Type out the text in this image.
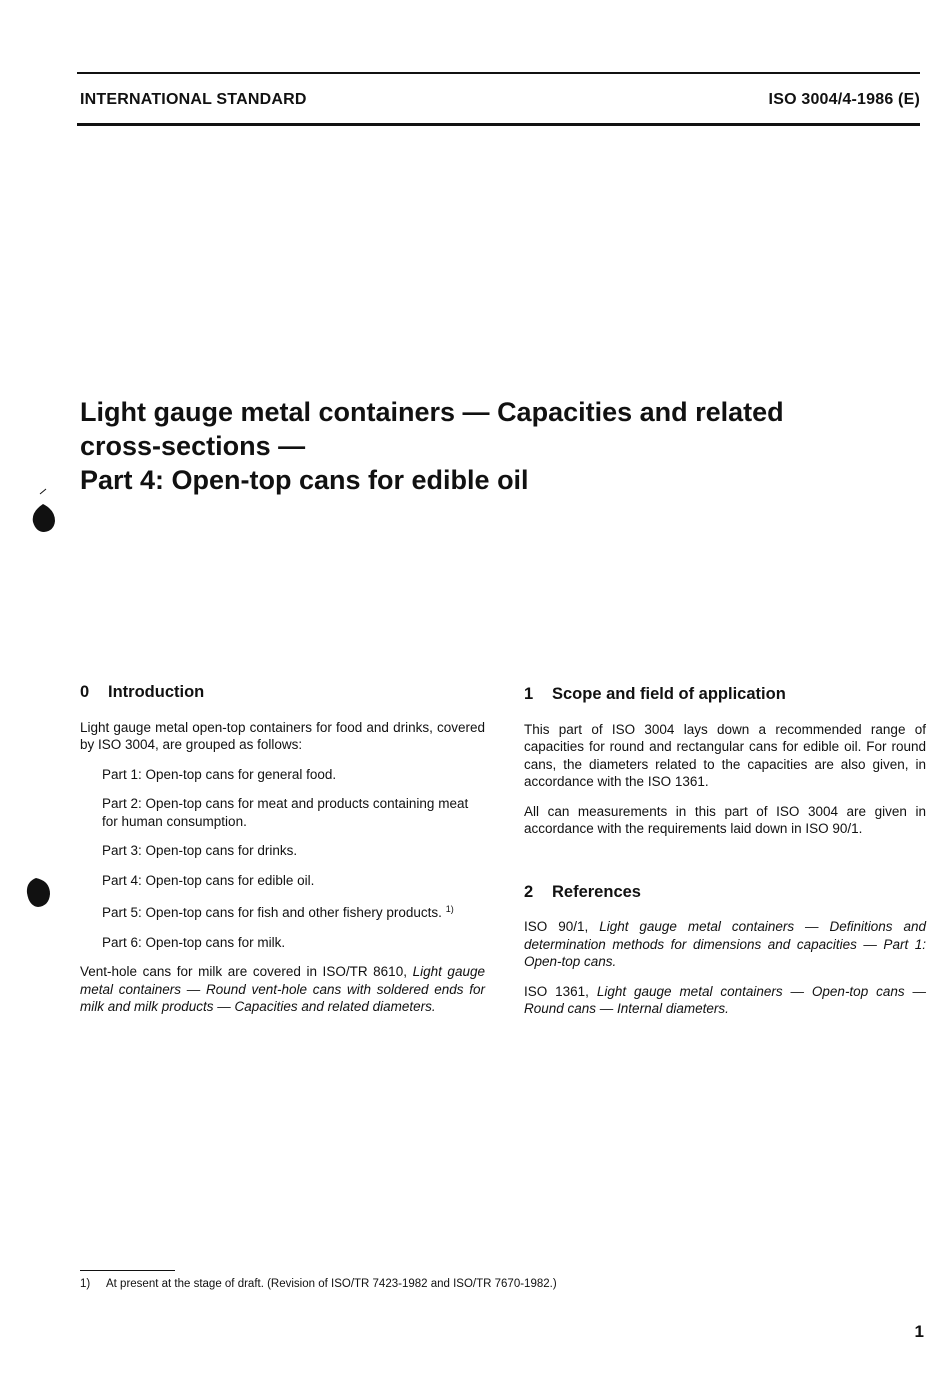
INTERNATIONAL STANDARD	ISO 3004/4-1986 (E)
Light gauge metal containers — Capacities and related
cross-sections —
Part 4: Open-top cans for edible oil
0 Introduction
Light gauge metal open-top containers for food and drinks, covered by ISO 3004, are grouped as follows:
Part 1: Open-top cans for general food.
Part 2: Open-top cans for meat and products containing meat for human consumption.
Part 3: Open-top cans for drinks.
Part 4: Open-top cans for edible oil.
Part 5: Open-top cans for fish and other fishery products. $^{1)}$
Part 6: Open-top cans for milk.
Vent-hole cans for milk are covered in ISO/TR 8610, Light gauge metal containers — Round vent-hole cans with soldered ends for milk and milk products — Capacities and related diameters.
1 Scope and field of application
This part of ISO 3004 lays down a recommended range of capacities for round and rectangular cans for edible oil. For round cans, the diameters related to the capacities are also given, in accordance with the ISO 1361.
All can measurements in this part of ISO 3004 are given in accordance with the requirements laid down in ISO 90/1.
2 References
ISO 90/1, Light gauge metal containers — Definitions and determination methods for dimensions and capacities — Part 1: Open-top cans.
ISO 1361, Light gauge metal containers — Open-top cans — Round cans — Internal diameters.
1) At present at the stage of draft. (Revision of ISO/TR 7423-1982 and ISO/TR 7670-1982.)
1
